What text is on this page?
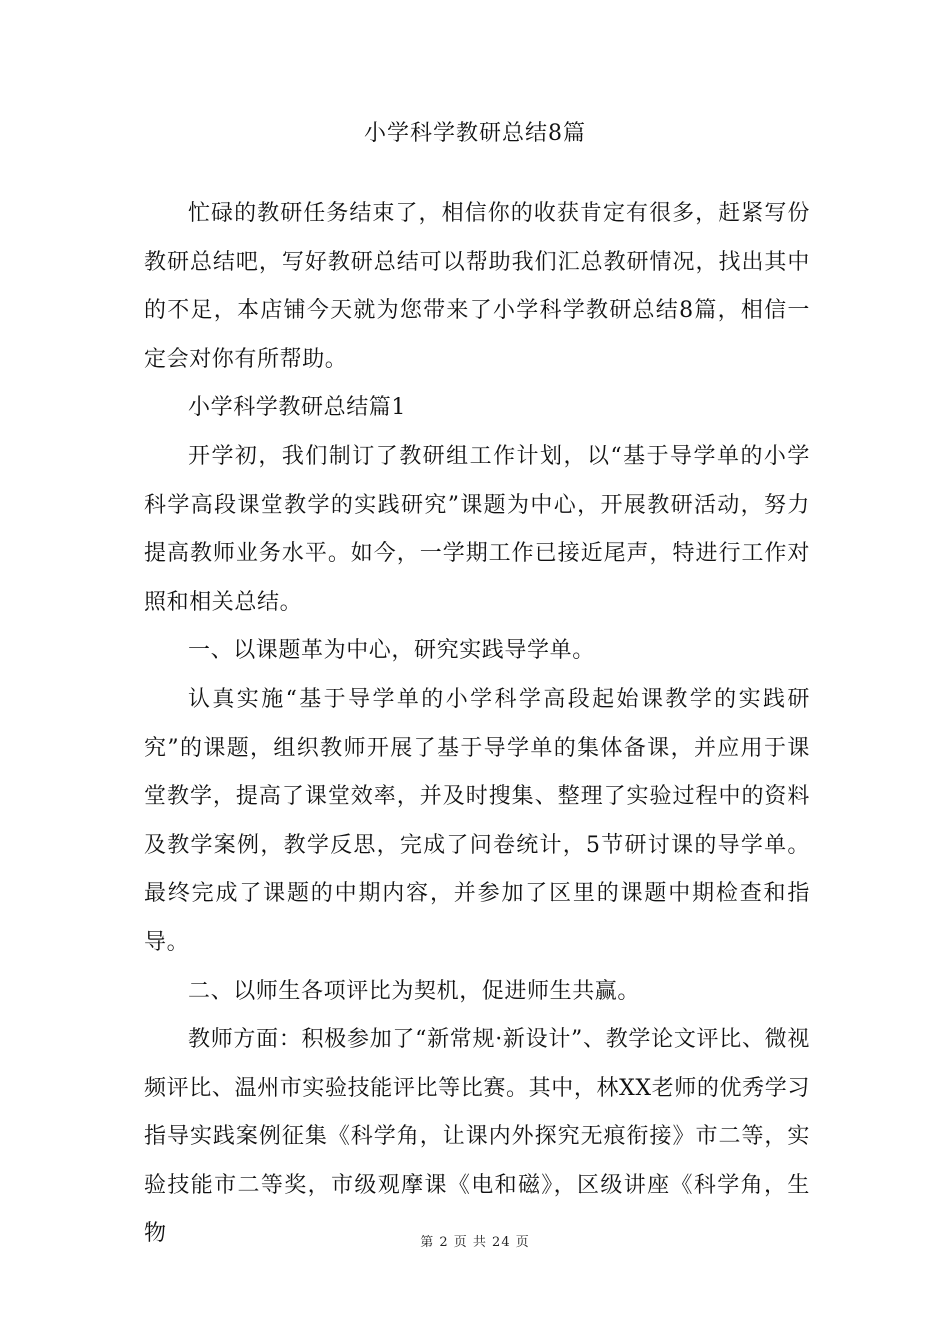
小学科学教研总结8篇

忙碌的教研任务结束了，相信你的收获肯定有很多，赶紧写份教研总结吧，写好教研总结可以帮助我们汇总教研情况，找出其中的不足，本店铺今天就为您带来了小学科学教研总结8篇，相信一定会对你有所帮助。

小学科学教研总结篇1

开学初，我们制订了教研组工作计划，以“基于导学单的小学科学高段课堂教学的实践研究”课题为中心，开展教研活动，努力提高教师业务水平。如今，一学期工作已接近尾声，特进行工作对照和相关总结。

一、以课题革为中心，研究实践导学单。

认真实施“基于导学单的小学科学高段起始课教学的实践研究”的课题，组织教师开展了基于导学单的集体备课，并应用于课堂教学，提高了课堂效率，并及时搜集、整理了实验过程中的资料及教学案例，教学反思，完成了问卷统计，5节研讨课的导学单。最终完成了课题的中期内容，并参加了区里的课题中期检查和指导。

二、以师生各项评比为契机，促进师生共赢。

教师方面：积极参加了“新常规·新设计”、教学论文评比、微视频评比、温州市实验技能评比等比赛。其中，林XX老师的优秀学习指导实践案例征集《科学角，让课内外探究无痕衔接》市二等，实验技能市二等奖，市级观摩课《电和磁》，区级讲座《科学角，生物	第 2 页 共 24 页
